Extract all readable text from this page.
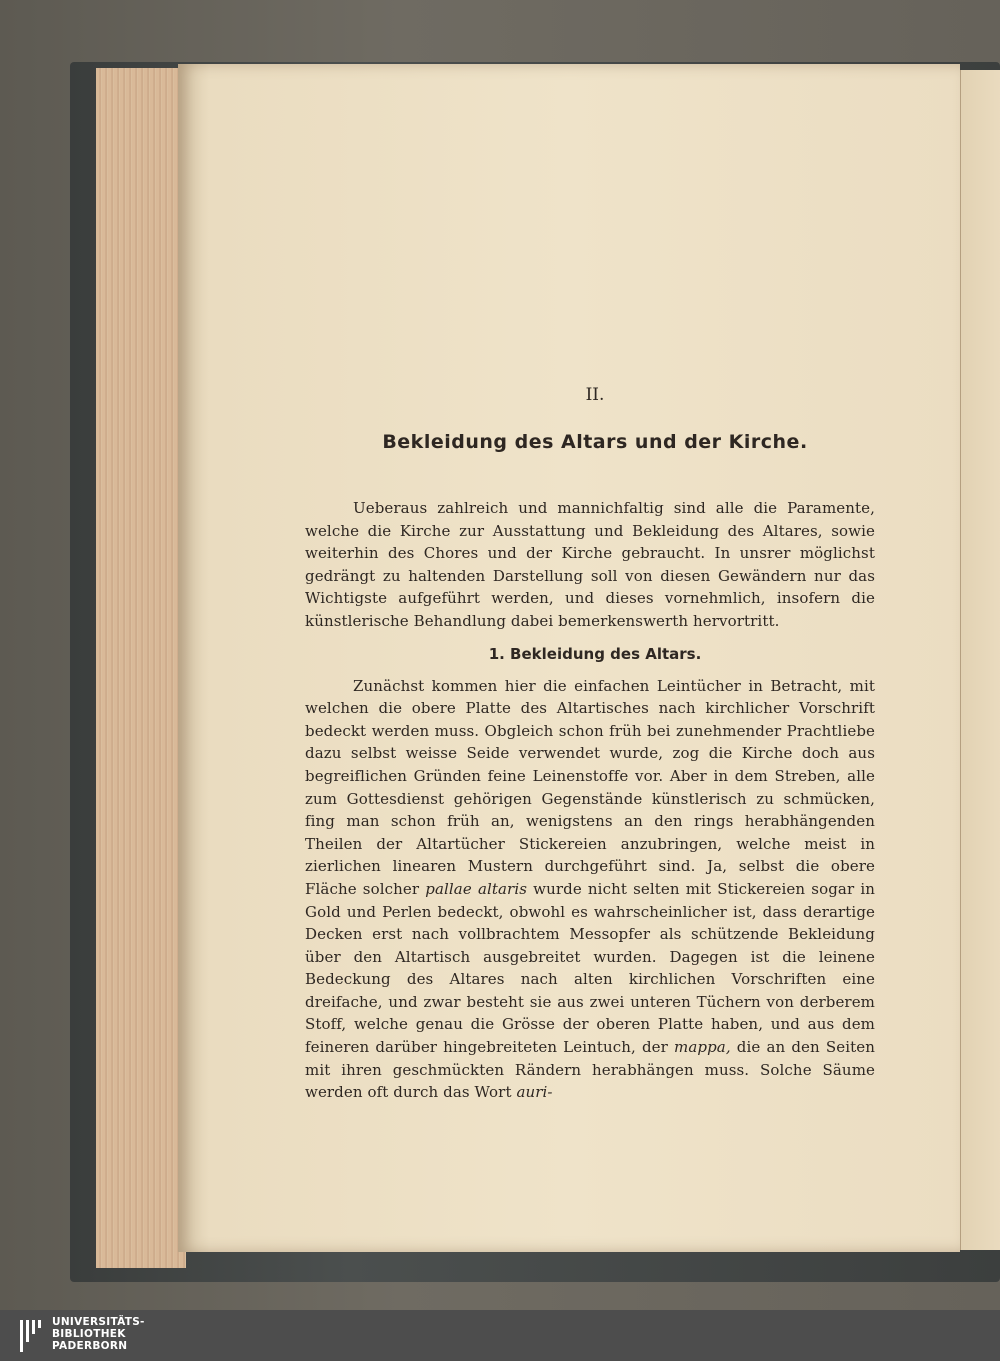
II.
Bekleidung des Altars und der Kirche.

Ueberaus zahlreich und mannichfaltig sind alle die Paramente, welche die Kirche zur Ausstattung und Bekleidung des Altares, sowie weiterhin des Chores und der Kirche gebraucht. In unsrer möglichst gedrängt zu haltenden Darstellung soll von diesen Gewändern nur das Wichtigste aufgeführt werden, und dieses vornehmlich, insofern die künstlerische Behandlung dabei bemerkenswerth hervortritt.

1. Bekleidung des Altars.

Zunächst kommen hier die einfachen Leintücher in Betracht, mit welchen die obere Platte des Altartisches nach kirchlicher Vorschrift bedeckt werden muss. Obgleich schon früh bei zunehmender Prachtliebe dazu selbst weisse Seide verwendet wurde, zog die Kirche doch aus begreiflichen Gründen feine Leinenstoffe vor. Aber in dem Streben, alle zum Gottesdienst gehörigen Gegenstände künstlerisch zu schmücken, fing man schon früh an, wenigstens an den rings herabhängenden Theilen der Altartücher Stickereien anzubringen, welche meist in zierlichen linearen Mustern durchgeführt sind. Ja, selbst die obere Fläche solcher pallae altaris wurde nicht selten mit Stickereien sogar in Gold und Perlen bedeckt, obwohl es wahrscheinlicher ist, dass derartige Decken erst nach vollbrachtem Messopfer als schützende Bekleidung über den Altartisch ausgebreitet wurden. Dagegen ist die leinene Bedeckung des Altares nach alten kirchlichen Vorschriften eine dreifache, und zwar besteht sie aus zwei unteren Tüchern von derberem Stoff, welche genau die Grösse der oberen Platte haben, und aus dem feineren darüber hingebreiteten Leintuch, der mappa, die an den Seiten mit ihren geschmückten Rändern herabhängen muss. Solche Säume werden oft durch das Wort auri-

UNIVERSITÄTS-
BIBLIOTHEK
PADERBORN
